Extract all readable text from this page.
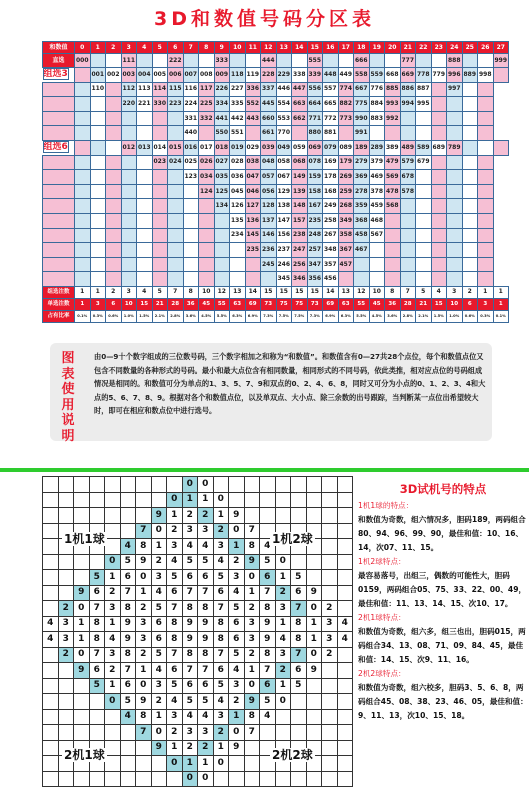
3D和数值号码分区表
和数值	0	1	2	3	4	5	6	7	8	9	10	11	12	13	14	15	16	17	18	19	20	21	22	23	24	25	26	27
直选	000			111			222			333			444			555			666			777			888			999

组选3
		001	002	003	004	005	006	007	008	009	118	119	228	229	338	339	448	449	558	559	668	669	778	779	996	889	998	
		110		112	113	114	115	116	117	226	227	336	337	446	447	556	557	774	667	776	885	886	887		997			
				220	221	330	223	224	225	334	335	552	445	554	663	664	665	882	775	884	993	994	995					
								331	332	441	442	443	660	553	662	771	772	773	990	883	992							
								440		550	551		661	770		880	881		991									

组选6
				012	013	014	015	016	017	018	019	029	039	049	059	069	079	089	189	289	389	489	589	689	789			
						023	024	025	026	027	028	038	048	058	068	078	169	179	279	379	479	579	679					
								123	034	035	036	047	057	067	149	159	178	269	369	469	569	678						
									124	125	045	046	056	129	139	158	168	259	278	378	478	578						
										134	126	127	128	138	148	167	249	268	359	459	568							
											135	136	137	147	157	235	258	349	368	468								
											234	145	146	156	238	248	267	358	458	567								
												235	236	237	247	257	348	367	467									
													245	246	256	347	357	457										
														345	346	356	456											
组选注数	1	1	2	3	4	5	7	8	10	12	13	14	15	15	15	15	14	13	12	10	8	7	5	4	3	2	1	1
单选注数	1	3	6	10	15	21	28	36	45	55	63	69	73	75	75	73	69	63	55	45	36	28	21	15	10	6	3	1
占有比率	0.1%	0.3%	0.6%	1.0%	1.5%	2.1%	2.8%	3.6%	4.5%	5.5%	6.3%	6.9%	7.3%	7.5%	7.5%	7.3%	6.9%	6.3%	5.5%	4.5%	3.6%	2.8%	2.1%	1.5%	1.0%	0.6%	0.3%	0.1%
图表使用说明
由0—9十个数字组成的三位数号码，三个数字相加之和称为“和数值”。和数值含有0—27共28个点位，每个和数值点位又包含不同数量的各种形式的号码。最小和最大点位含有相同数量，相同形式的不同号码，依此类推，相对应点位的号码组成情况是相同的。和数值可分为单点的1、3、5、7、9和双点的0、2、4、6、8，同时又可分为小点的0、1、2、3、4和大点的5、6、7、8、9。根据对各个和数值点位，以及单双点、大小点、除三余数的出号跟踪，当判断某一点位出希望较大时，即可在相应和数点位中进行选号。
									0	0									
								0	1	1	0								
							9	1	2	2	1	9							
						7	0	2	3	3	2	0	7						
					4	8	1	3	4	4	3	1	8	4					
				0	5	9	2	4	5	5	4	2	9	5	0				
			5	1	6	0	3	5	6	6	5	3	0	6	1	5			
		9	6	2	7	1	4	6	7	7	6	4	1	7	2	6	9		
	2	0	7	3	8	2	5	7	8	8	7	5	2	8	3	7	0	2	
4	3	1	8	1	9	3	6	8	9	9	8	6	3	9	1	8	1	3	4
4	3	1	8	4	9	3	6	8	9	9	8	6	3	9	4	8	1	3	4
	2	0	7	3	8	2	5	7	8	8	7	5	2	8	3	7	0	2	
		9	6	2	7	1	4	6	7	7	6	4	1	7	2	6	9		
			5	1	6	0	3	5	6	6	5	3	0	6	1	5			
				0	5	9	2	4	5	5	4	2	9	5	0				
					4	8	1	3	4	4	3	1	8	4					
						7	0	2	3	3	2	0	7						
							9	1	2	2	1	9							
								0	1	1	0								
									0	0									
1机1球	1机2球
2机1球	2机2球
3D试机号的特点
1机1球的特点：
和数值为奇数，组六情况多，胆码189，两码组合80、94、96、99、90，最佳和值：10、16、14，次07、11、15。
1机2球特点：
最容易落号，出组三，偶数的可能性大，胆码0159，两码组合05、75、33、22、00、49，最佳和值：11、13、14、15、次10、17。
2机1球特点：
和数值为奇数，组六多，组三也出，胆码015，两码组合34、13、08、71、09、84、45，最佳和值：14、15、次9、11、16。
2机2球特点：
和数值为奇数，组六校多，胆码3、5、6、8，两码组合45、08、38、23、46、05，最佳和值：9、11、13，次10、15、18。
